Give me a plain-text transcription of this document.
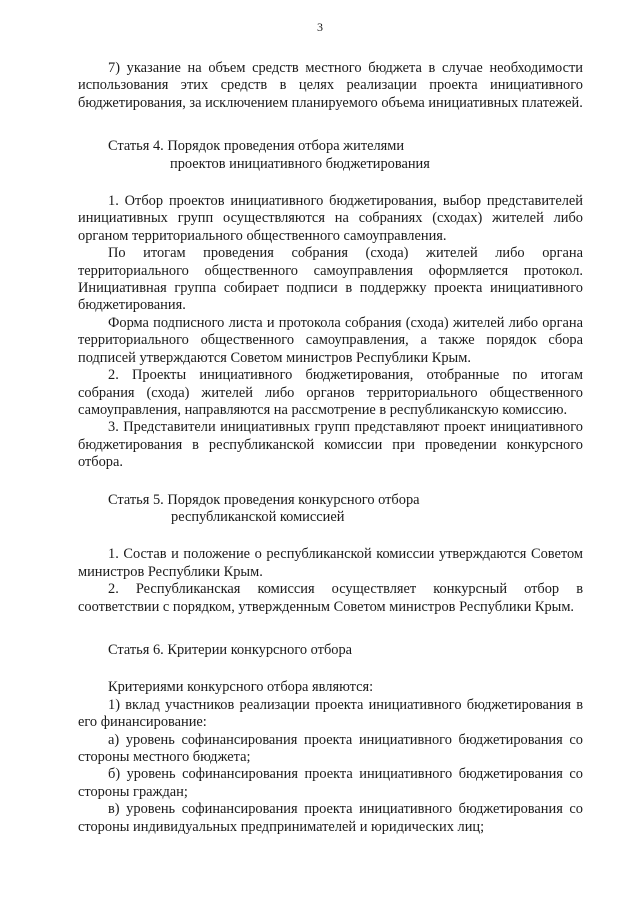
3

7) указание на объем средств местного бюджета в случае необходимости использования этих средств в целях реализации проекта инициативного бюджетирования, за исключением планируемого объема инициативных платежей.

Статья 4. Порядок проведения отбора жителями
проектов инициативного бюджетирования

1. Отбор проектов инициативного бюджетирования, выбор представителей инициативных групп осуществляются на собраниях (сходах) жителей либо органом территориального общественного самоуправления.

По итогам проведения собрания (схода) жителей либо органа территориального общественного самоуправления оформляется протокол. Инициативная группа собирает подписи в поддержку проекта инициативного бюджетирования.

Форма подписного листа и протокола собрания (схода) жителей либо органа территориального общественного самоуправления, а также порядок сбора подписей утверждаются Советом министров Республики Крым.

2. Проекты инициативного бюджетирования, отобранные по итогам собрания (схода) жителей либо органов территориального общественного самоуправления, направляются на рассмотрение в республиканскую комиссию.

3. Представители инициативных групп представляют проект инициативного бюджетирования в республиканской комиссии при проведении конкурсного отбора.

Статья 5. Порядок проведения конкурсного отбора
республиканской комиссией

1. Состав и положение о республиканской комиссии утверждаются Советом министров Республики Крым.

2. Республиканская комиссия осуществляет конкурсный отбор в соответствии с порядком, утвержденным Советом министров Республики Крым.

Статья 6. Критерии конкурсного отбора

Критериями конкурсного отбора являются:

1) вклад участников реализации проекта инициативного бюджетирования в его финансирование:

а) уровень софинансирования проекта инициативного бюджетирования со стороны местного бюджета;

б) уровень софинансирования проекта инициативного бюджетирования со стороны граждан;

в) уровень софинансирования проекта инициативного бюджетирования со стороны индивидуальных предпринимателей и юридических лиц;
